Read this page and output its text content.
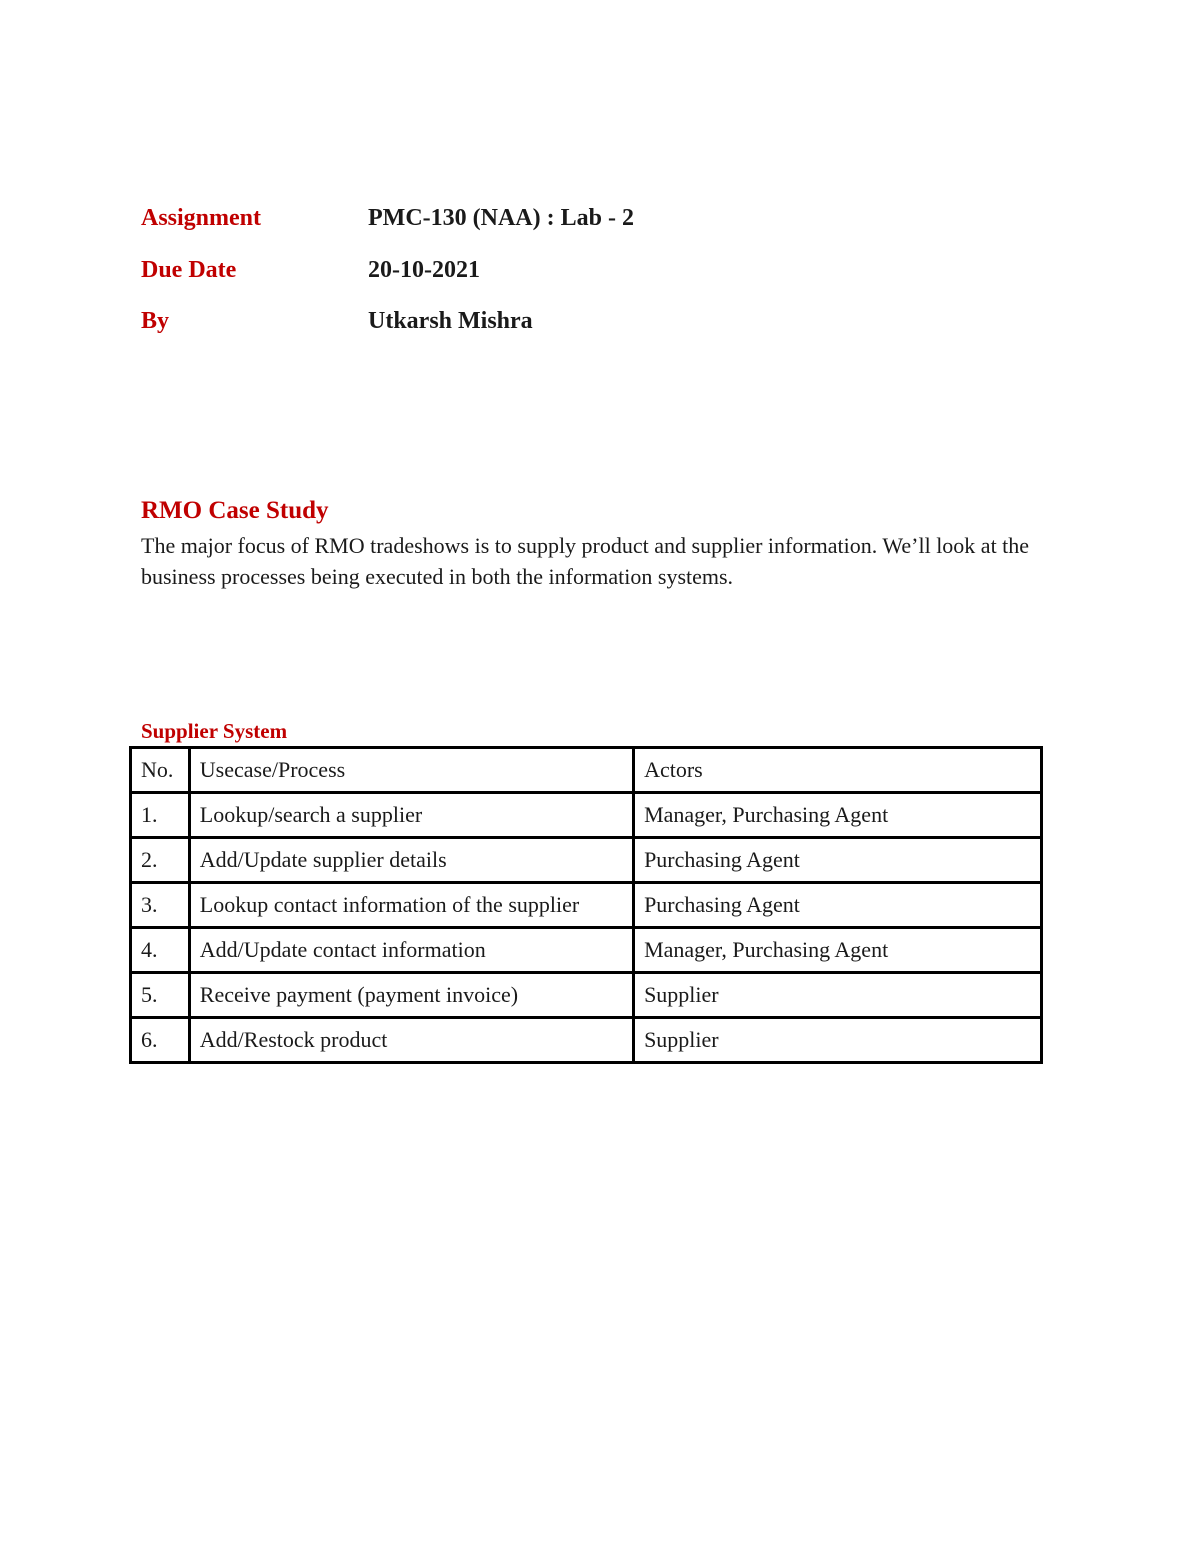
Assignment	PMC-130 (NAA) : Lab - 2
Due Date	20-10-2021
By	Utkarsh Mishra
RMO Case Study
The major focus of RMO tradeshows is to supply product and supplier information. We’ll look at the business processes being executed in both the information systems.
Supplier System
No.	Usecase/Process	Actors
1.	Lookup/search a supplier	Manager, Purchasing Agent
2.	Add/Update supplier details	Purchasing Agent
3.	Lookup contact information of the supplier	Purchasing Agent
4.	Add/Update contact information	Manager, Purchasing Agent
5.	Receive payment (payment invoice)	Supplier
6.	Add/Restock product	Supplier
